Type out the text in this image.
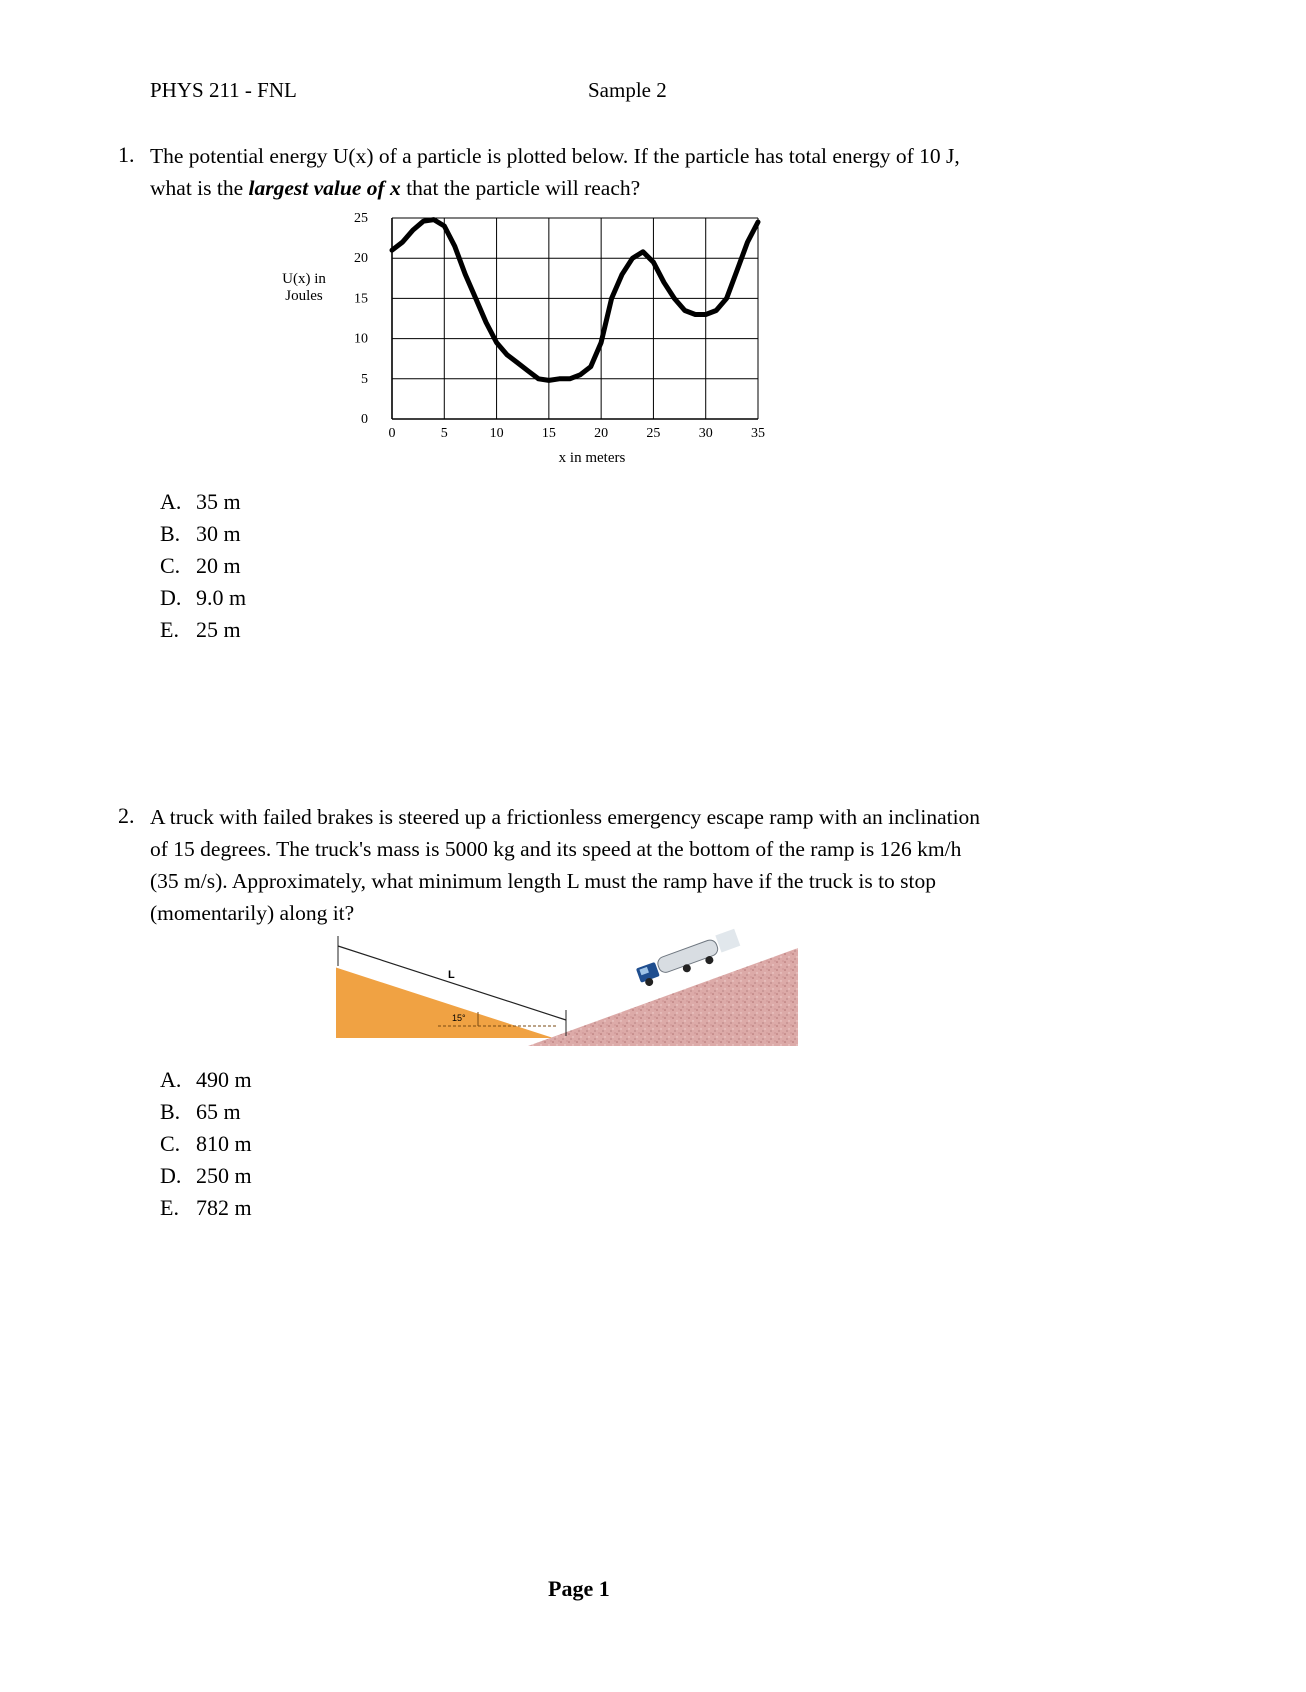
PHYS 211 - FNL	Sample 2
1. The potential energy U(x) of a particle is plotted below. If the particle has total energy of 10 J,
what is the largest value of x that the particle will reach?
U(x) in
Joules
0
5
10
15
20
25
0	5	10	15	20	25	30	35
x in meters
A. 35 m
B. 30 m
C. 20 m
D. 9.0 m
E. 25 m
2. A truck with failed brakes is steered up a frictionless emergency escape ramp with an inclination
of 15 degrees. The truck's mass is 5000 kg and its speed at the bottom of the ramp is 126 km/h
(35 m/s). Approximately, what minimum length L must the ramp have if the truck is to stop
(momentarily) along it?
L
15°
A. 490 m
B. 65 m
C. 810 m
D. 250 m
E. 782 m
Page 1
